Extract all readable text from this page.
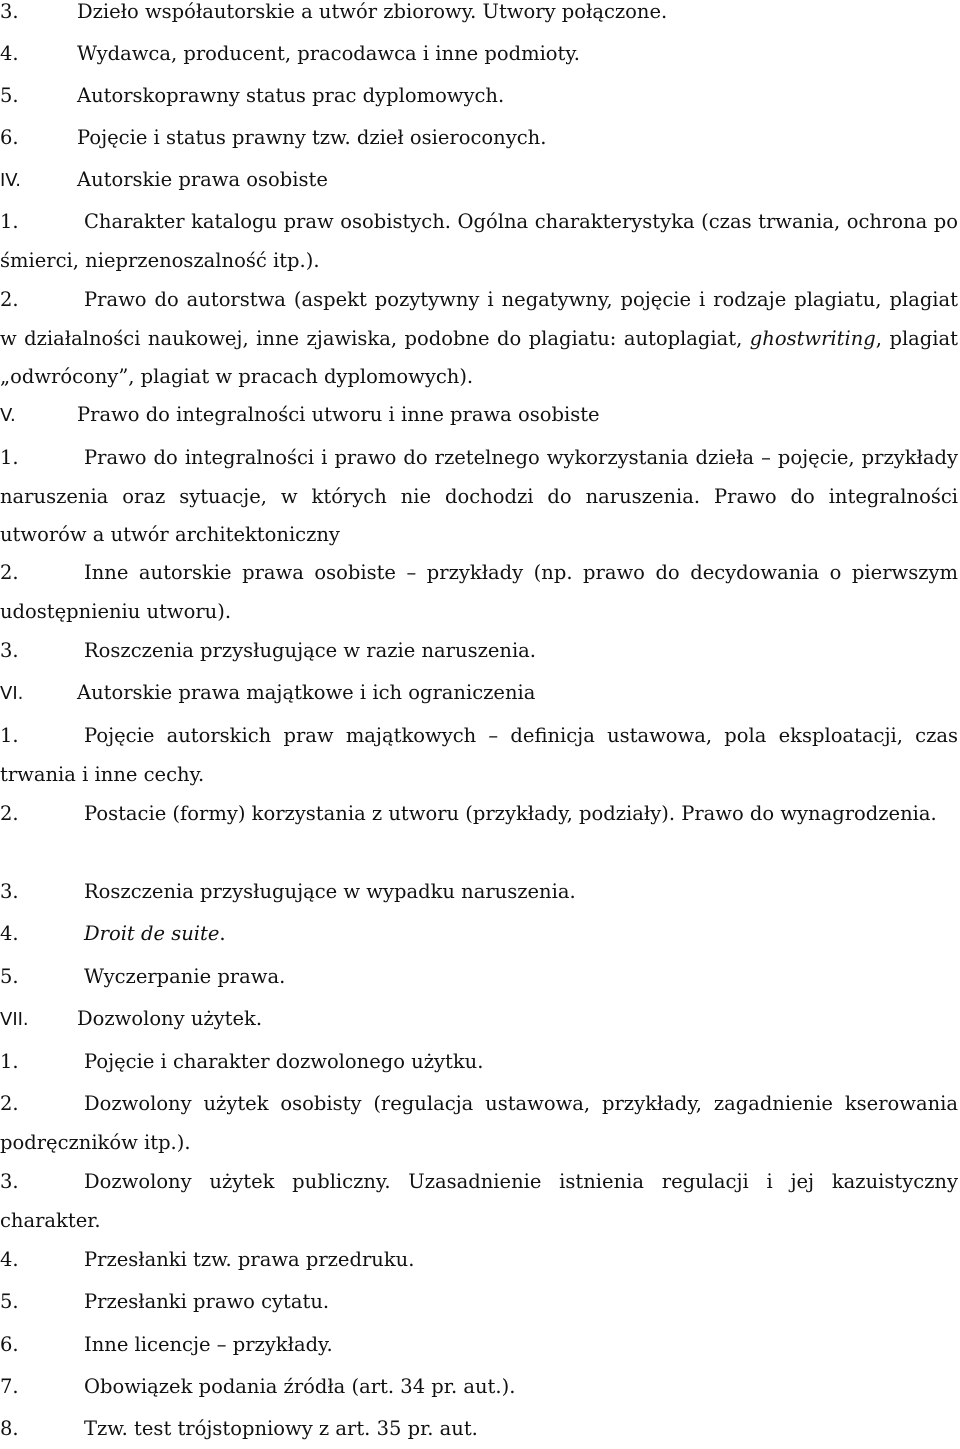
3.	Dzieło współautorskie a utwór zbiorowy. Utwory połączone.

4.	Wydawca, producent, pracodawca i inne podmioty.

5.	Autorskoprawny status prac dyplomowych.

6.	Pojęcie i status prawny tzw. dzieł osieroconych.

IV.	Autorskie prawa osobiste

1.	Charakter katalogu praw osobistych. Ogólna charakterystyka (czas trwania, ochrona po śmierci, nieprzenoszalność itp.).

2.	Prawo do autorstwa (aspekt pozytywny i negatywny, pojęcie i rodzaje plagiatu, plagiat w działalności naukowej, inne zjawiska, podobne do plagiatu: autoplagiat, ghostwriting, plagiat „odwrócony”, plagiat w pracach dyplomowych).

V.	Prawo do integralności utworu i inne prawa osobiste

1.	Prawo do integralności i prawo do rzetelnego wykorzystania dzieła – pojęcie, przykłady naruszenia oraz sytuacje, w których nie dochodzi do naruszenia. Prawo do integralności utworów a utwór architektoniczny

2.	Inne autorskie prawa osobiste – przykłady (np. prawo do decydowania o pierwszym udostępnieniu utworu).

3.	Roszczenia przysługujące w razie naruszenia.

VI.	Autorskie prawa majątkowe i ich ograniczenia

1.	Pojęcie autorskich praw majątkowych – definicja ustawowa, pola eksploatacji, czas trwania i inne cechy.

2.	Postacie (formy) korzystania z utworu (przykłady, podziały). Prawo do wynagrodzenia.

3.	Roszczenia przysługujące w wypadku naruszenia.

4.	Droit de suite.

5.	Wyczerpanie prawa.

VII. Dozwolony użytek.

1.	Pojęcie i charakter dozwolonego użytku.

2.	Dozwolony użytek osobisty (regulacja ustawowa, przykłady, zagadnienie kserowania podręczników itp.).

3.	Dozwolony użytek publiczny. Uzasadnienie istnienia regulacji i jej kazuistyczny charakter.

4.	Przesłanki tzw. prawa przedruku.

5.	Przesłanki prawo cytatu.

6.	Inne licencje – przykłady.

7.	Obowiązek podania źródła (art. 34 pr. aut.).

8.	Tzw. test trójstopniowy z art. 35 pr. aut.
